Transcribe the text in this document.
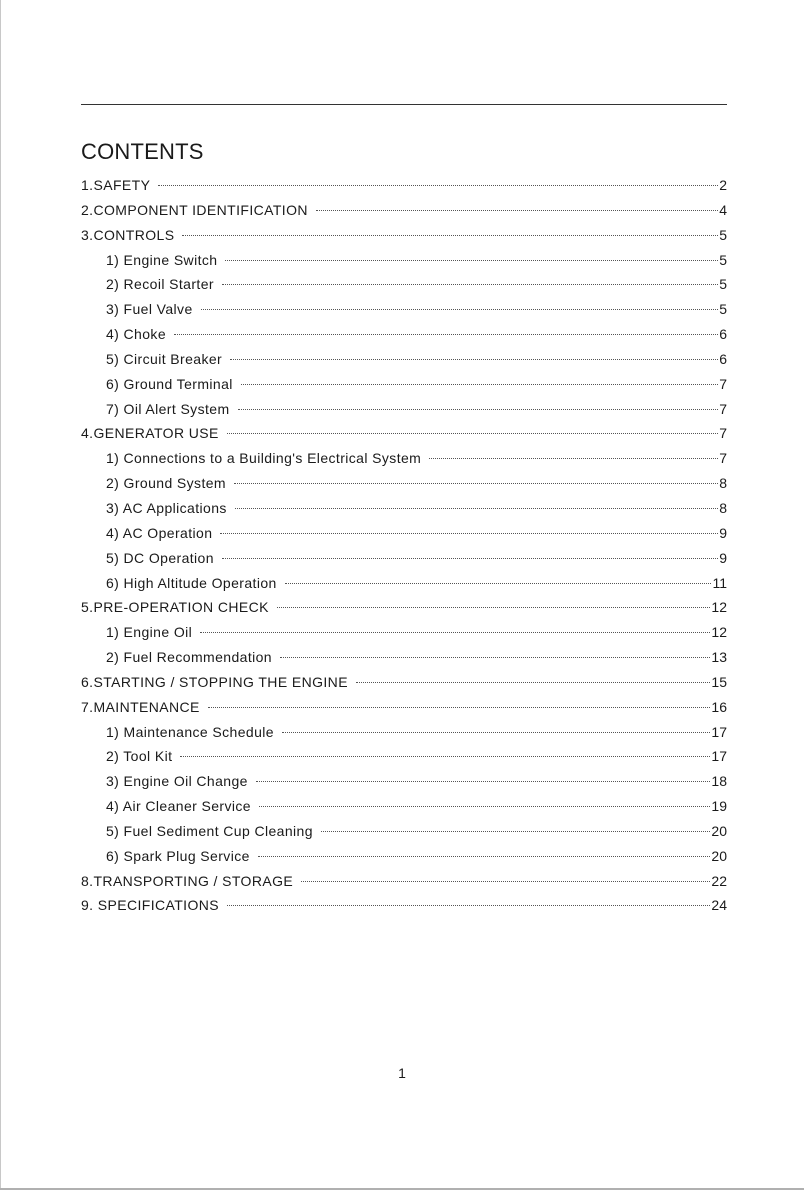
CONTENTS
1.SAFETY	2
2.COMPONENT IDENTIFICATION	4
3.CONTROLS	5
1) Engine Switch	5
2) Recoil Starter	5
3) Fuel Valve	5
4) Choke	6
5) Circuit Breaker	6
6) Ground Terminal	7
7) Oil Alert System	7
4.GENERATOR USE	7
1) Connections to a Building's Electrical System	7
2) Ground System	8
3) AC Applications	8
4) AC Operation	9
5) DC Operation	9
6) High Altitude Operation	11
5.PRE-OPERATION CHECK	12
1) Engine Oil	12
2) Fuel Recommendation	13
6.STARTING / STOPPING THE ENGINE	15
7.MAINTENANCE	16
1) Maintenance Schedule	17
2) Tool Kit	17
3) Engine Oil Change	18
4) Air Cleaner Service	19
5) Fuel Sediment Cup Cleaning	20
6) Spark Plug Service	20
8.TRANSPORTING / STORAGE	22
9. SPECIFICATIONS	24
1
